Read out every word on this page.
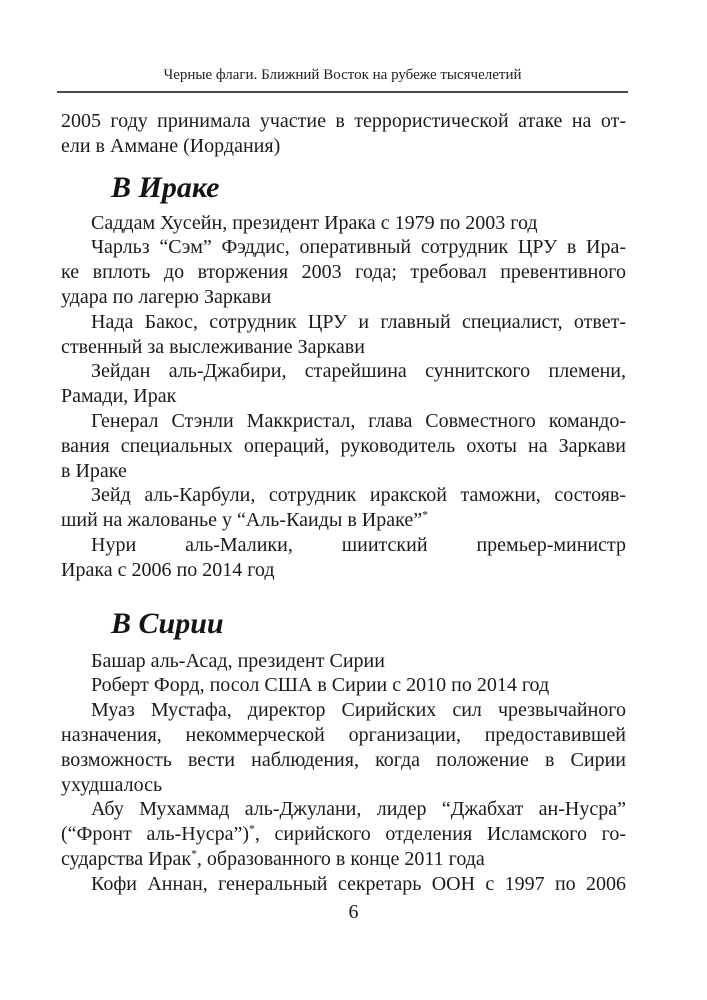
Черные флаги. Ближний Восток на рубеже тысячелетий
2005 году принимала участие в террористической атаке на от-
ели в Аммане (Иордания)
В Ираке
Саддам Хусейн, президент Ирака с 1979 по 2003 год
Чарльз “Сэм” Фэддис, оперативный сотрудник ЦРУ в Ира-
ке вплоть до вторжения 2003 года; требовал превентивного
удара по лагерю Заркави
Нада Бакос, сотрудник ЦРУ и главный специалист, ответ-
ственный за выслеживание Заркави
Зейдан аль-Джабири, старейшина суннитского племени,
Рамади, Ирак
Генерал Стэнли Маккристал, глава Совместного командо-
вания специальных операций, руководитель охоты на Заркави
в Ираке
Зейд аль-Карбули, сотрудник иракской таможни, состояв-
ший на жалованье у “Аль-Каиды в Ираке”*
Нури аль-Малики, шиитский премьер-министр
Ирака с 2006 по 2014 год
В Сирии
Башар аль-Асад, президент Сирии
Роберт Форд, посол США в Сирии с 2010 по 2014 год
Муаз Мустафа, директор Сирийских сил чрезвычайного
назначения, некоммерческой организации, предоставившей
возможность вести наблюдения, когда положение в Сирии
ухудшалось
Абу Мухаммад аль-Джулани, лидер “Джабхат ан-Нусра”
(“Фронт аль-Нусра”)*, сирийского отделения Исламского го-
сударства Ирак*, образованного в конце 2011 года
Кофи Аннан, генеральный секретарь ООН с 1997 по 2006
6
